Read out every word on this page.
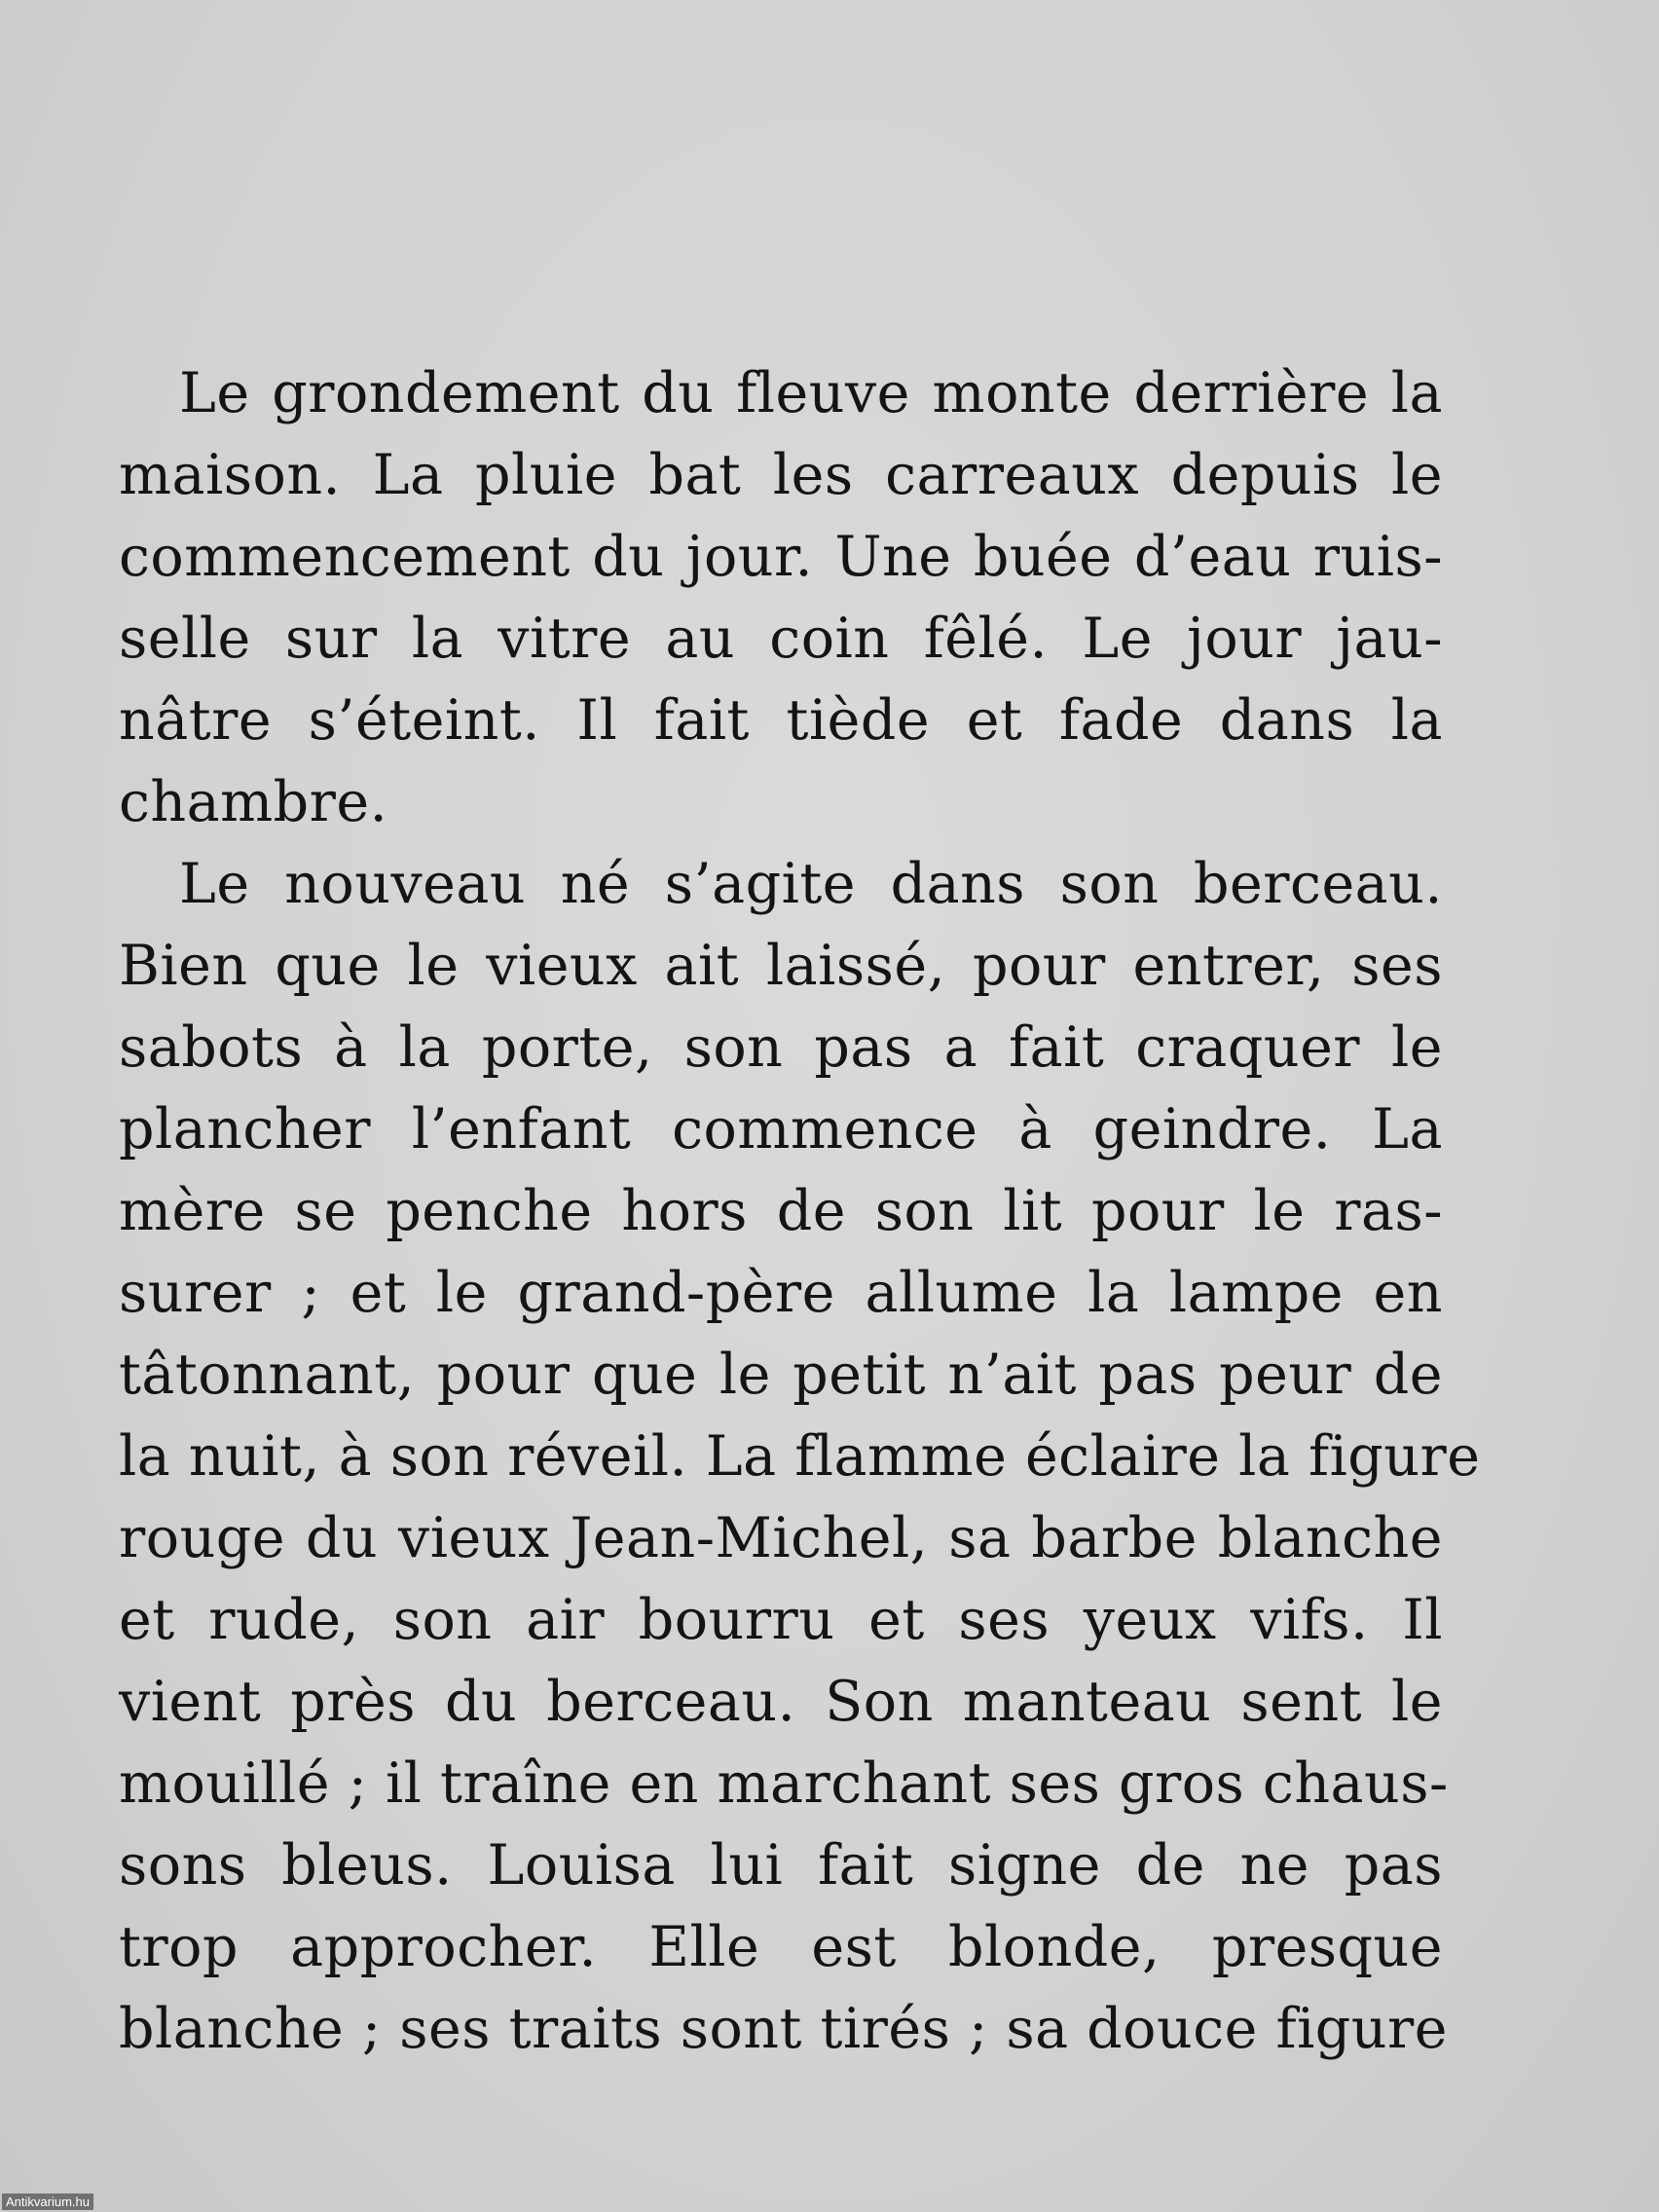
Le grondement du fleuve monte derrière la
maison. La pluie bat les carreaux depuis le
commencement du jour. Une buée d’eau ruis-
selle sur la vitre au coin fêlé. Le jour jau-
nâtre s’éteint. Il fait tiède et fade dans la
chambre.
Le nouveau né s’agite dans son berceau.
Bien que le vieux ait laissé, pour entrer, ses
sabots à la porte, son pas a fait craquer le
plancher l’enfant commence à geindre. La
mère se penche hors de son lit pour le ras-
surer ; et le grand-père allume la lampe en
tâtonnant, pour que le petit n’ait pas peur de
la nuit, à son réveil. La flamme éclaire la figure
rouge du vieux Jean-Michel, sa barbe blanche
et rude, son air bourru et ses yeux vifs. Il
vient près du berceau. Son manteau sent le
mouillé ; il traîne en marchant ses gros chaus-
sons bleus. Louisa lui fait signe de ne pas
trop approcher. Elle est blonde, presque
blanche ; ses traits sont tirés ; sa douce figure
Antikvarium.hu
